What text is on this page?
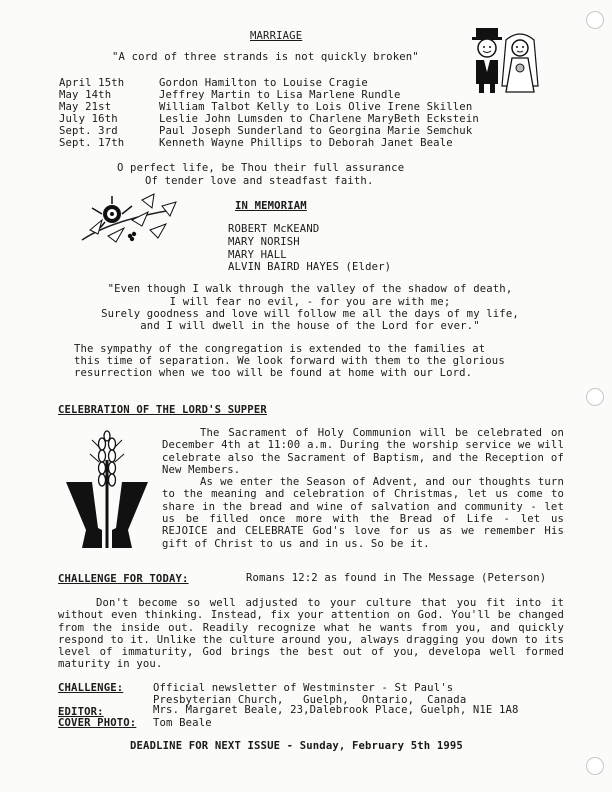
MARRIAGE
"A cord of three strands is not quickly broken"
April 15th	Gordon Hamilton to Louise Cragie
May 14th	Jeffrey Martin to Lisa Marlene Rundle
May 21st	William Talbot Kelly to Lois Olive Irene Skillen
July 16th	Leslie John Lumsden to Charlene MaryBeth Eckstein
Sept. 3rd	Paul Joseph Sunderland to Georgina Marie Semchuk
Sept. 17th	Kenneth Wayne Phillips to Deborah Janet Beale
O perfect life, be Thou their full assurance
Of tender love and steadfast faith.
IN MEMORIAM
ROBERT McKEAND
MARY NORISH
MARY HALL
ALVIN BAIRD HAYES (Elder)
"Even though I walk through the valley of the shadow of death,
I will fear no evil, - for you are with me;
Surely goodness and love will follow me all the days of my life,
and I will dwell in the house of the Lord for ever."
The sympathy of the congregation is extended to the families at
this time of separation. We look forward with them to the glorious
resurrection when we too will be found at home with our Lord.
CELEBRATION OF THE LORD'S SUPPER

The Sacrament of Holy Communion will be celebrated on December 4th at 11:00 a.m. During the worship service we will celebrate also the Sacrament of Baptism, and the Reception of New Members.

As we enter the Season of Advent, and our thoughts turn to the meaning and celebration of Christmas, let us come to share in the bread and wine of salvation and community - let us be filled once more with the Bread of Life - let us REJOICE and CELEBRATE God's love for us as we remember His gift of Christ to us and in us. So be it.

CHALLENGE FOR TODAY:	Romans 12:2 as found in The Message (Peterson)

Don't become so well adjusted to your culture that you fit into it without even thinking. Instead, fix your attention on God. You'll be changed from the inside out. Readily recognize what he wants from you, and quickly respond to it. Unlike the culture around you, always dragging you down to its level of immaturity, God brings the best out of you, developa well formed maturity in you.

CHALLENGE:	Official newsletter of Westminster - St Paul's
Presbyterian Church,   Guelph,  Ontario,  Canada
EDITOR:	Mrs. Margaret Beale, 23,Dalebrook Place, Guelph, N1E 1A8
COVER PHOTO: Tom Beale
DEADLINE FOR NEXT ISSUE - Sunday, February 5th 1995
